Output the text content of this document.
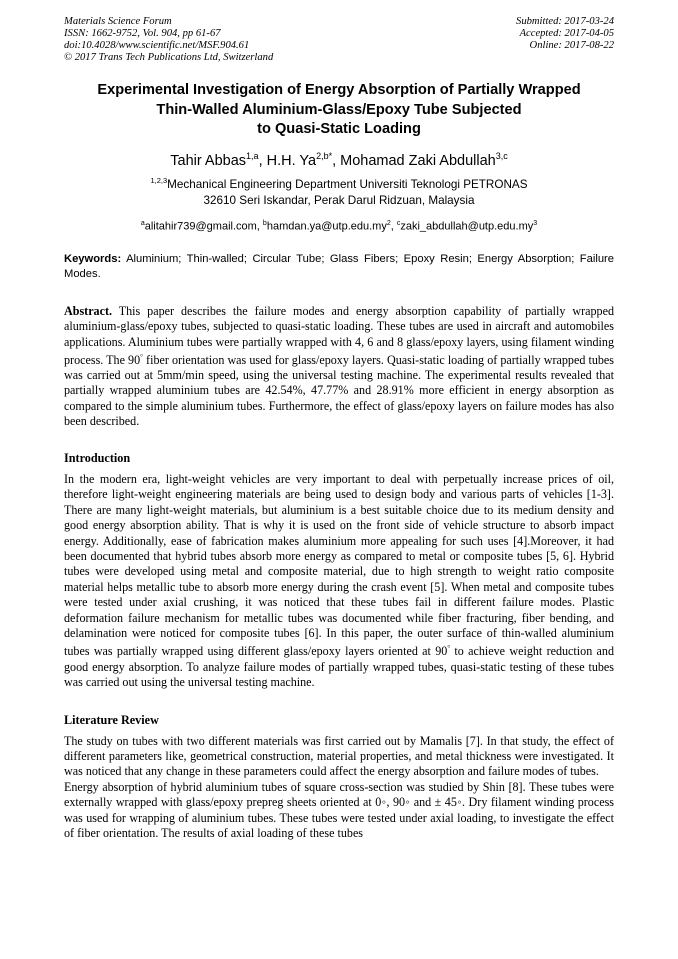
Materials Science Forum
ISSN: 1662-9752, Vol. 904, pp 61-67
doi:10.4028/www.scientific.net/MSF.904.61
© 2017 Trans Tech Publications Ltd, Switzerland
Submitted: 2017-03-24
Accepted: 2017-04-05
Online: 2017-08-22
Experimental Investigation of Energy Absorption of Partially Wrapped
Thin-Walled Aluminium-Glass/Epoxy Tube Subjected
to Quasi-Static Loading
Tahir Abbas$^{1,a}$, H.H. $Ya^{2,b*}$, Mohamad Zaki Abdullah$^{3,c}$
$^{1,2,3}$Mechanical Engineering Department Universiti Teknologi PETRONAS
32610 Seri Iskandar, Perak Darul Ridzuan, Malaysia
$^a$alitahir739@gmail.com, $^bhamdan.ya@utp.edu.my^2$, $^czaki\_abdullah@utp.edu.my^3$
Keywords: Aluminium; Thin-walled; Circular Tube; Glass Fibers; Epoxy Resin; Energy Absorption; Failure Modes.

Abstract. This paper describes the failure modes and energy absorption capability of partially wrapped aluminium-glass/epoxy tubes, subjected to quasi-static loading. These tubes are used in aircraft and automobiles applications. Aluminium tubes were partially wrapped with 4, 6 and 8 glass/epoxy layers, using filament winding process. The 90° fiber orientation was used for glass/epoxy layers. Quasi-static loading of partially wrapped tubes was carried out at 5mm/min speed, using the universal testing machine. The experimental results revealed that partially wrapped aluminium tubes are 42.54%, 47.77% and 28.91% more efficient in energy absorption as compared to the simple aluminium tubes. Furthermore, the effect of glass/epoxy layers on failure modes has also been described.

Introduction

In the modern era, light-weight vehicles are very important to deal with perpetually increase prices of oil, therefore light-weight engineering materials are being used to design body and various parts of vehicles [1-3]. There are many light-weight materials, but aluminium is a best suitable choice due to its medium density and good energy absorption ability. That is why it is used on the front side of vehicle structure to absorb impact energy. Additionally, ease of fabrication makes aluminium more appealing for such uses [4].Moreover, it had been documented that hybrid tubes absorb more energy as compared to metal or composite tubes [5, 6]. Hybrid tubes were developed using metal and composite material, due to high strength to weight ratio composite material helps metallic tube to absorb more energy during the crash event [5]. When metal and composite tubes were tested under axial crushing, it was noticed that these tubes fail in different failure modes. Plastic deformation failure mechanism for metallic tubes was documented while fiber fracturing, fiber bending, and delamination were noticed for composite tubes [6]. In this paper, the outer surface of thin-walled aluminium tubes was partially wrapped using different glass/epoxy layers oriented at 90° to achieve weight reduction and good energy absorption. To analyze failure modes of partially wrapped tubes, quasi-static testing of these tubes was carried out using the universal testing machine.

Literature Review

The study on tubes with two different materials was first carried out by Mamalis [7]. In that study, the effect of different parameters like, geometrical construction, material properties, and metal thickness were investigated. It was noticed that any change in these parameters could affect the energy absorption and failure modes of tubes.

Energy absorption of hybrid aluminium tubes of square cross-section was studied by Shin [8]. These tubes were externally wrapped with glass/epoxy prepreg sheets oriented at 0◦, 90◦ and ± 45◦. Dry filament winding process was used for wrapping of aluminium tubes. These tubes were tested under axial loading, to investigate the effect of fiber orientation. The results of axial loading of these tubes
